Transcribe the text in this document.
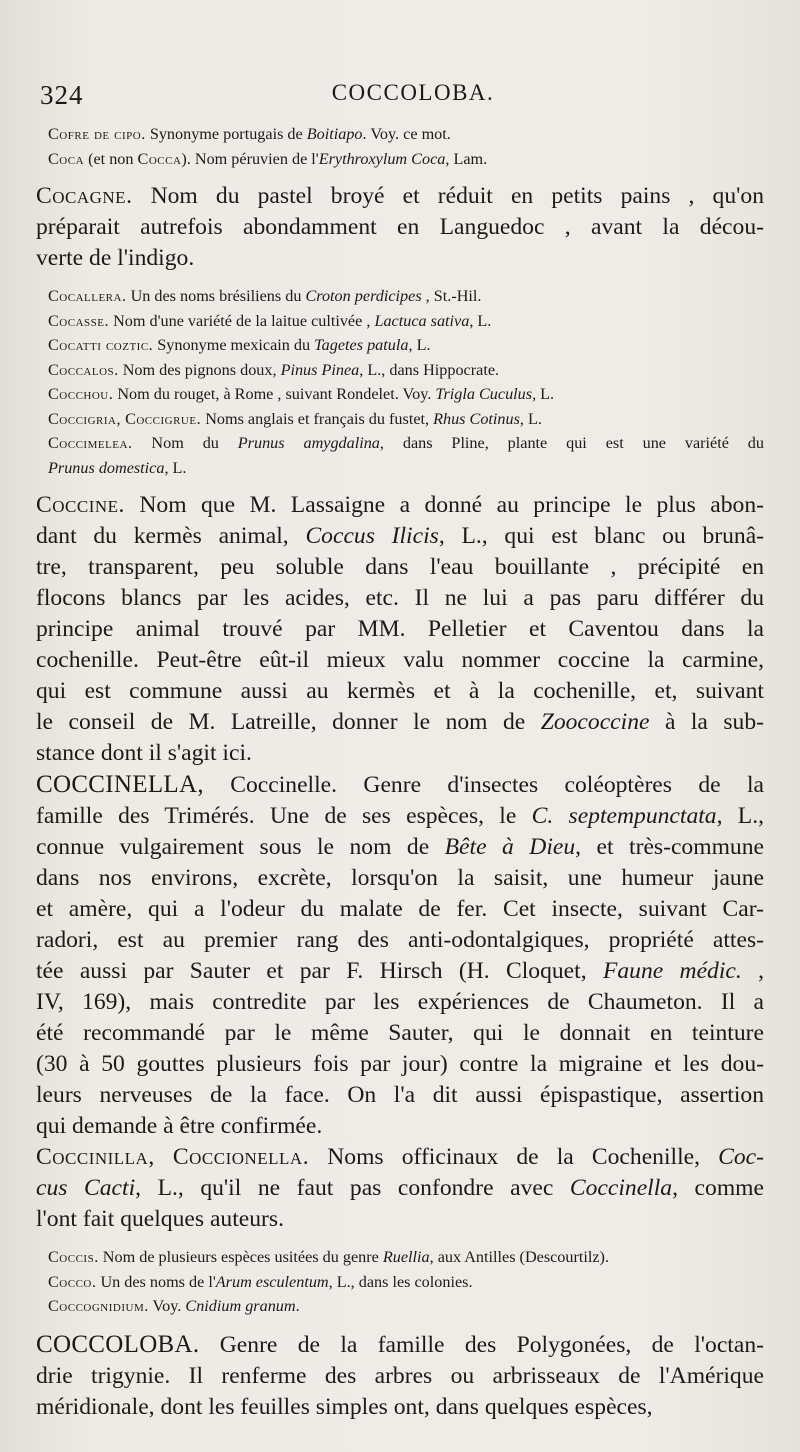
324	COCCOLOBA.

Cofre de cipo. Synonyme portugais de Boitiapo. Voy. ce mot.

Coca (et non Cocca). Nom péruvien de l'Erythroxylum Coca, Lam.

Cocagne. Nom du pastel broyé et réduit en petits pains , qu'on
préparait autrefois abondamment en Languedoc , avant la décou-
verte de l'indigo.

Cocallera. Un des noms brésiliens du Croton perdicipes , St.-Hil.

Cocasse. Nom d'une variété de la laitue cultivée , Lactuca sativa, L.

Cocatti coztic. Synonyme mexicain du Tagetes patula, L.

Coccalos. Nom des pignons doux, Pinus Pinea, L., dans Hippocrate.

Cocchou. Nom du rouget, à Rome , suivant Rondelet. Voy. Trigla Cuculus, L.

Coccigria, Coccigrue. Noms anglais et français du fustet, Rhus Cotinus, L.

Coccimelea. Nom du Prunus amygdalina, dans Pline, plante qui est une variété du
Prunus domestica, L.

Coccine. Nom que M. Lassaigne a donné au principe le plus abon-
dant du kermès animal, Coccus Ilicis, L., qui est blanc ou brunâ-
tre, transparent, peu soluble dans l'eau bouillante , précipité en
flocons blancs par les acides, etc. Il ne lui a pas paru différer du
principe animal trouvé par MM. Pelletier et Caventou dans la
cochenille. Peut-être eût-il mieux valu nommer coccine la carmine,
qui est commune aussi au kermès et à la cochenille, et, suivant
le conseil de M. Latreille, donner le nom de Zoococcine à la sub-
stance dont il s'agit ici.

COCCINELLA, Coccinelle. Genre d'insectes coléoptères de la
famille des Trimérés. Une de ses espèces, le C. septempunctata, L.,
connue vulgairement sous le nom de Bête à Dieu, et très-commune
dans nos environs, excrète, lorsqu'on la saisit, une humeur jaune
et amère, qui a l'odeur du malate de fer. Cet insecte, suivant Car-
radori, est au premier rang des anti-odontalgiques, propriété attes-
tée aussi par Sauter et par F. Hirsch (H. Cloquet, Faune médic. ,
IV, 169), mais contredite par les expériences de Chaumeton. Il a
été recommandé par le même Sauter, qui le donnait en teinture
(30 à 50 gouttes plusieurs fois par jour) contre la migraine et les dou-
leurs nerveuses de la face. On l'a dit aussi épispastique, assertion
qui demande à être confirmée.

Coccinilla, Coccionella. Noms officinaux de la Cochenille, Coc-
cus Cacti, L., qu'il ne faut pas confondre avec Coccinella, comme
l'ont fait quelques auteurs.

Coccis. Nom de plusieurs espèces usitées du genre Ruellia, aux Antilles (Descourtilz).

Cocco. Un des noms de l'Arum esculentum, L., dans les colonies.

Coccognidium. Voy. Cnidium granum.

COCCOLOBA. Genre de la famille des Polygonées, de l'octan-
drie trigynie. Il renferme des arbres ou arbrisseaux de l'Amérique
méridionale, dont les feuilles simples ont, dans quelques espèces,
